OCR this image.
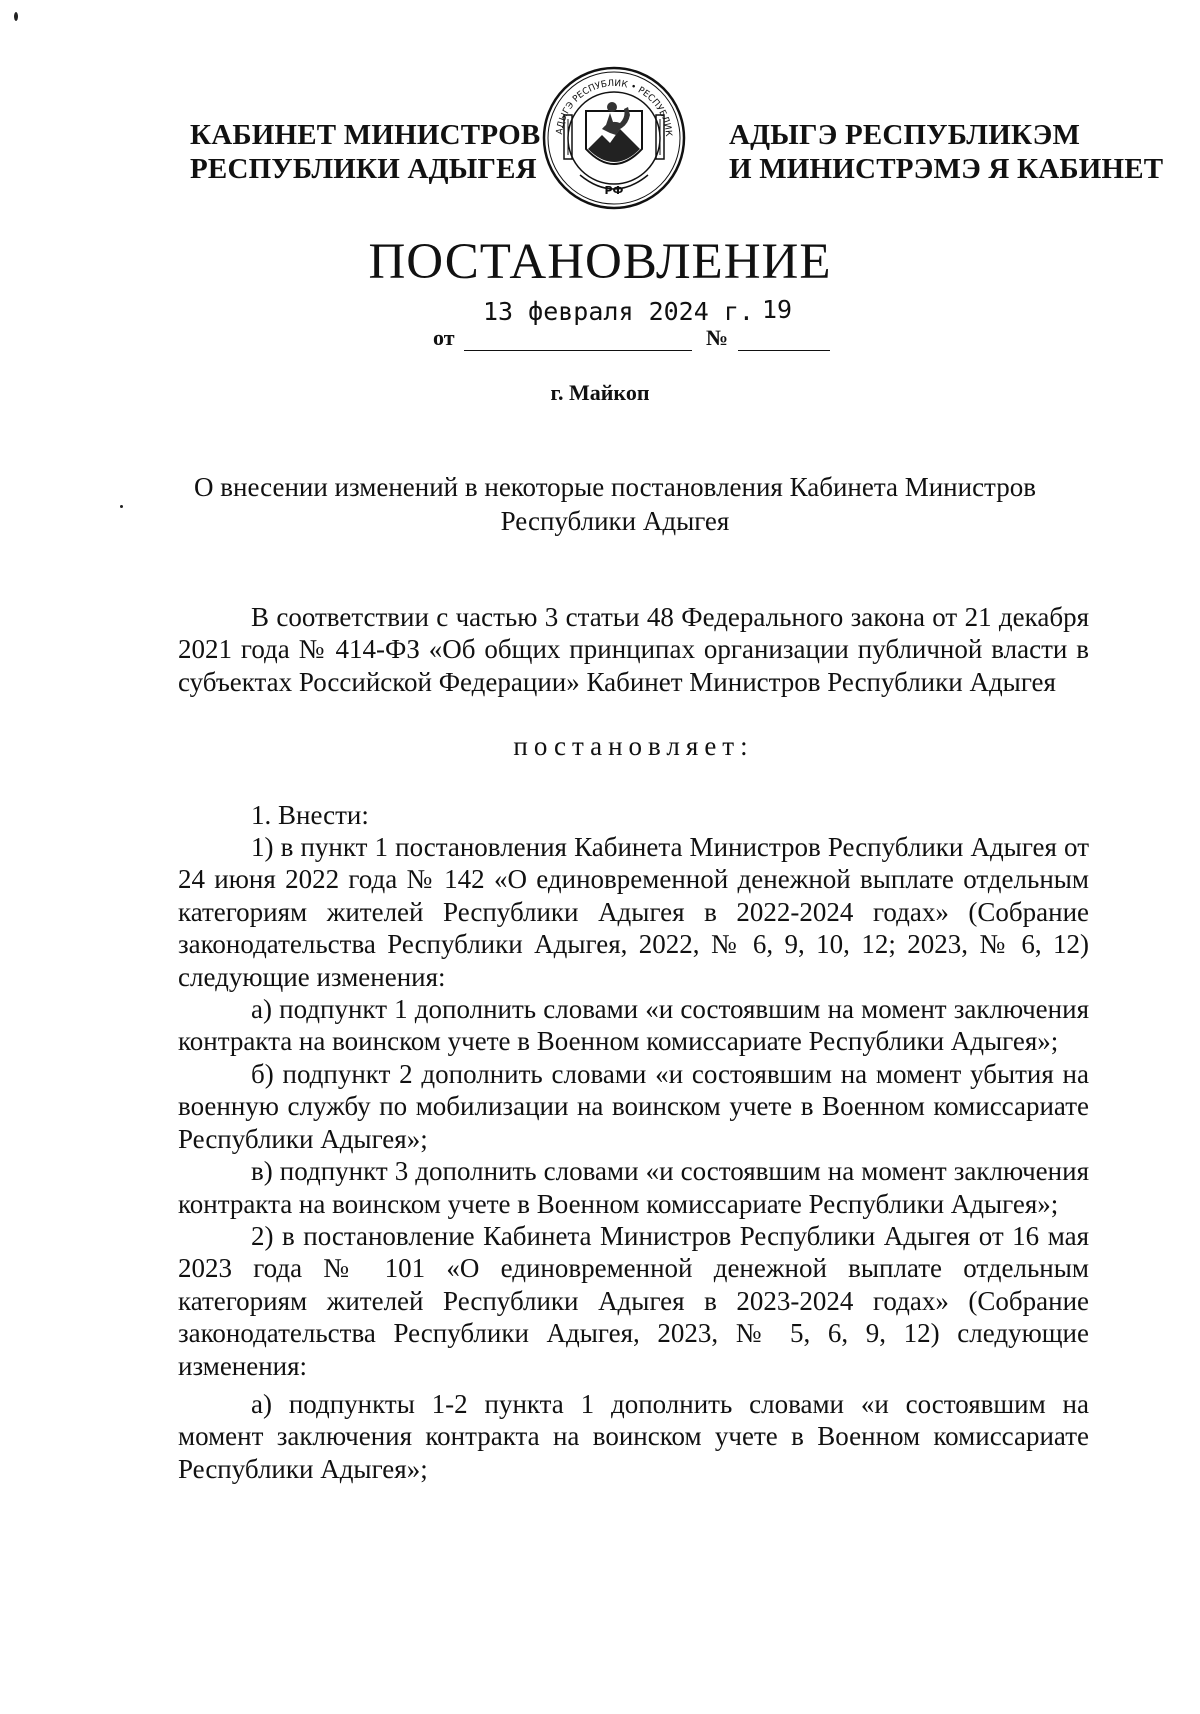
КАБИНЕТ МИНИСТРОВ
РЕСПУБЛИКИ АДЫГЕЯ
АДЫГЭ РЕСПУБЛИК • РЕСПУБЛИК
РФ
АДЫГЭ РЕСПУБЛИКЭМ
И МИНИСТРЭМЭ Я КАБИНЕТ
ПОСТАНОВЛЕНИЕ
13 февраля 2024 г. 19
от	№
г. Майкоп
О внесении изменений в некоторые постановления Кабинета Министров Республики Адыгея

В соответствии с частью 3 статьи 48 Федерального закона от 21 декабря 2021 года № 414-ФЗ «Об общих принципах организации публичной власти в субъектах Российской Федерации» Кабинет Министров Республики Адыгея

постановляет:

1. Внести:

1) в пункт 1 постановления Кабинета Министров Республики Адыгея от 24 июня 2022 года № 142 «О единовременной денежной выплате отдельным категориям жителей Республики Адыгея в 2022-2024 годах» (Собрание законодательства Республики Адыгея, 2022, № 6, 9, 10, 12; 2023, № 6, 12) следующие изменения:

а) подпункт 1 дополнить словами «и состоявшим на момент заключения контракта на воинском учете в Военном комиссариате Республики Адыгея»;

б) подпункт 2 дополнить словами «и состоявшим на момент убытия на военную службу по мобилизации на воинском учете в Военном комиссариате Республики Адыгея»;

в) подпункт 3 дополнить словами «и состоявшим на момент заключения контракта на воинском учете в Военном комиссариате Республики Адыгея»;

2) в постановление Кабинета Министров Республики Адыгея от 16 мая 2023 года № 101 «О единовременной денежной выплате отдельным категориям жителей Республики Адыгея в 2023-2024 годах» (Собрание законодательства Республики Адыгея, 2023, № 5, 6, 9, 12) следующие изменения:

а) подпункты 1-2 пункта 1 дополнить словами «и состоявшим на момент заключения контракта на воинском учете в Военном комиссариате Республики Адыгея»;
